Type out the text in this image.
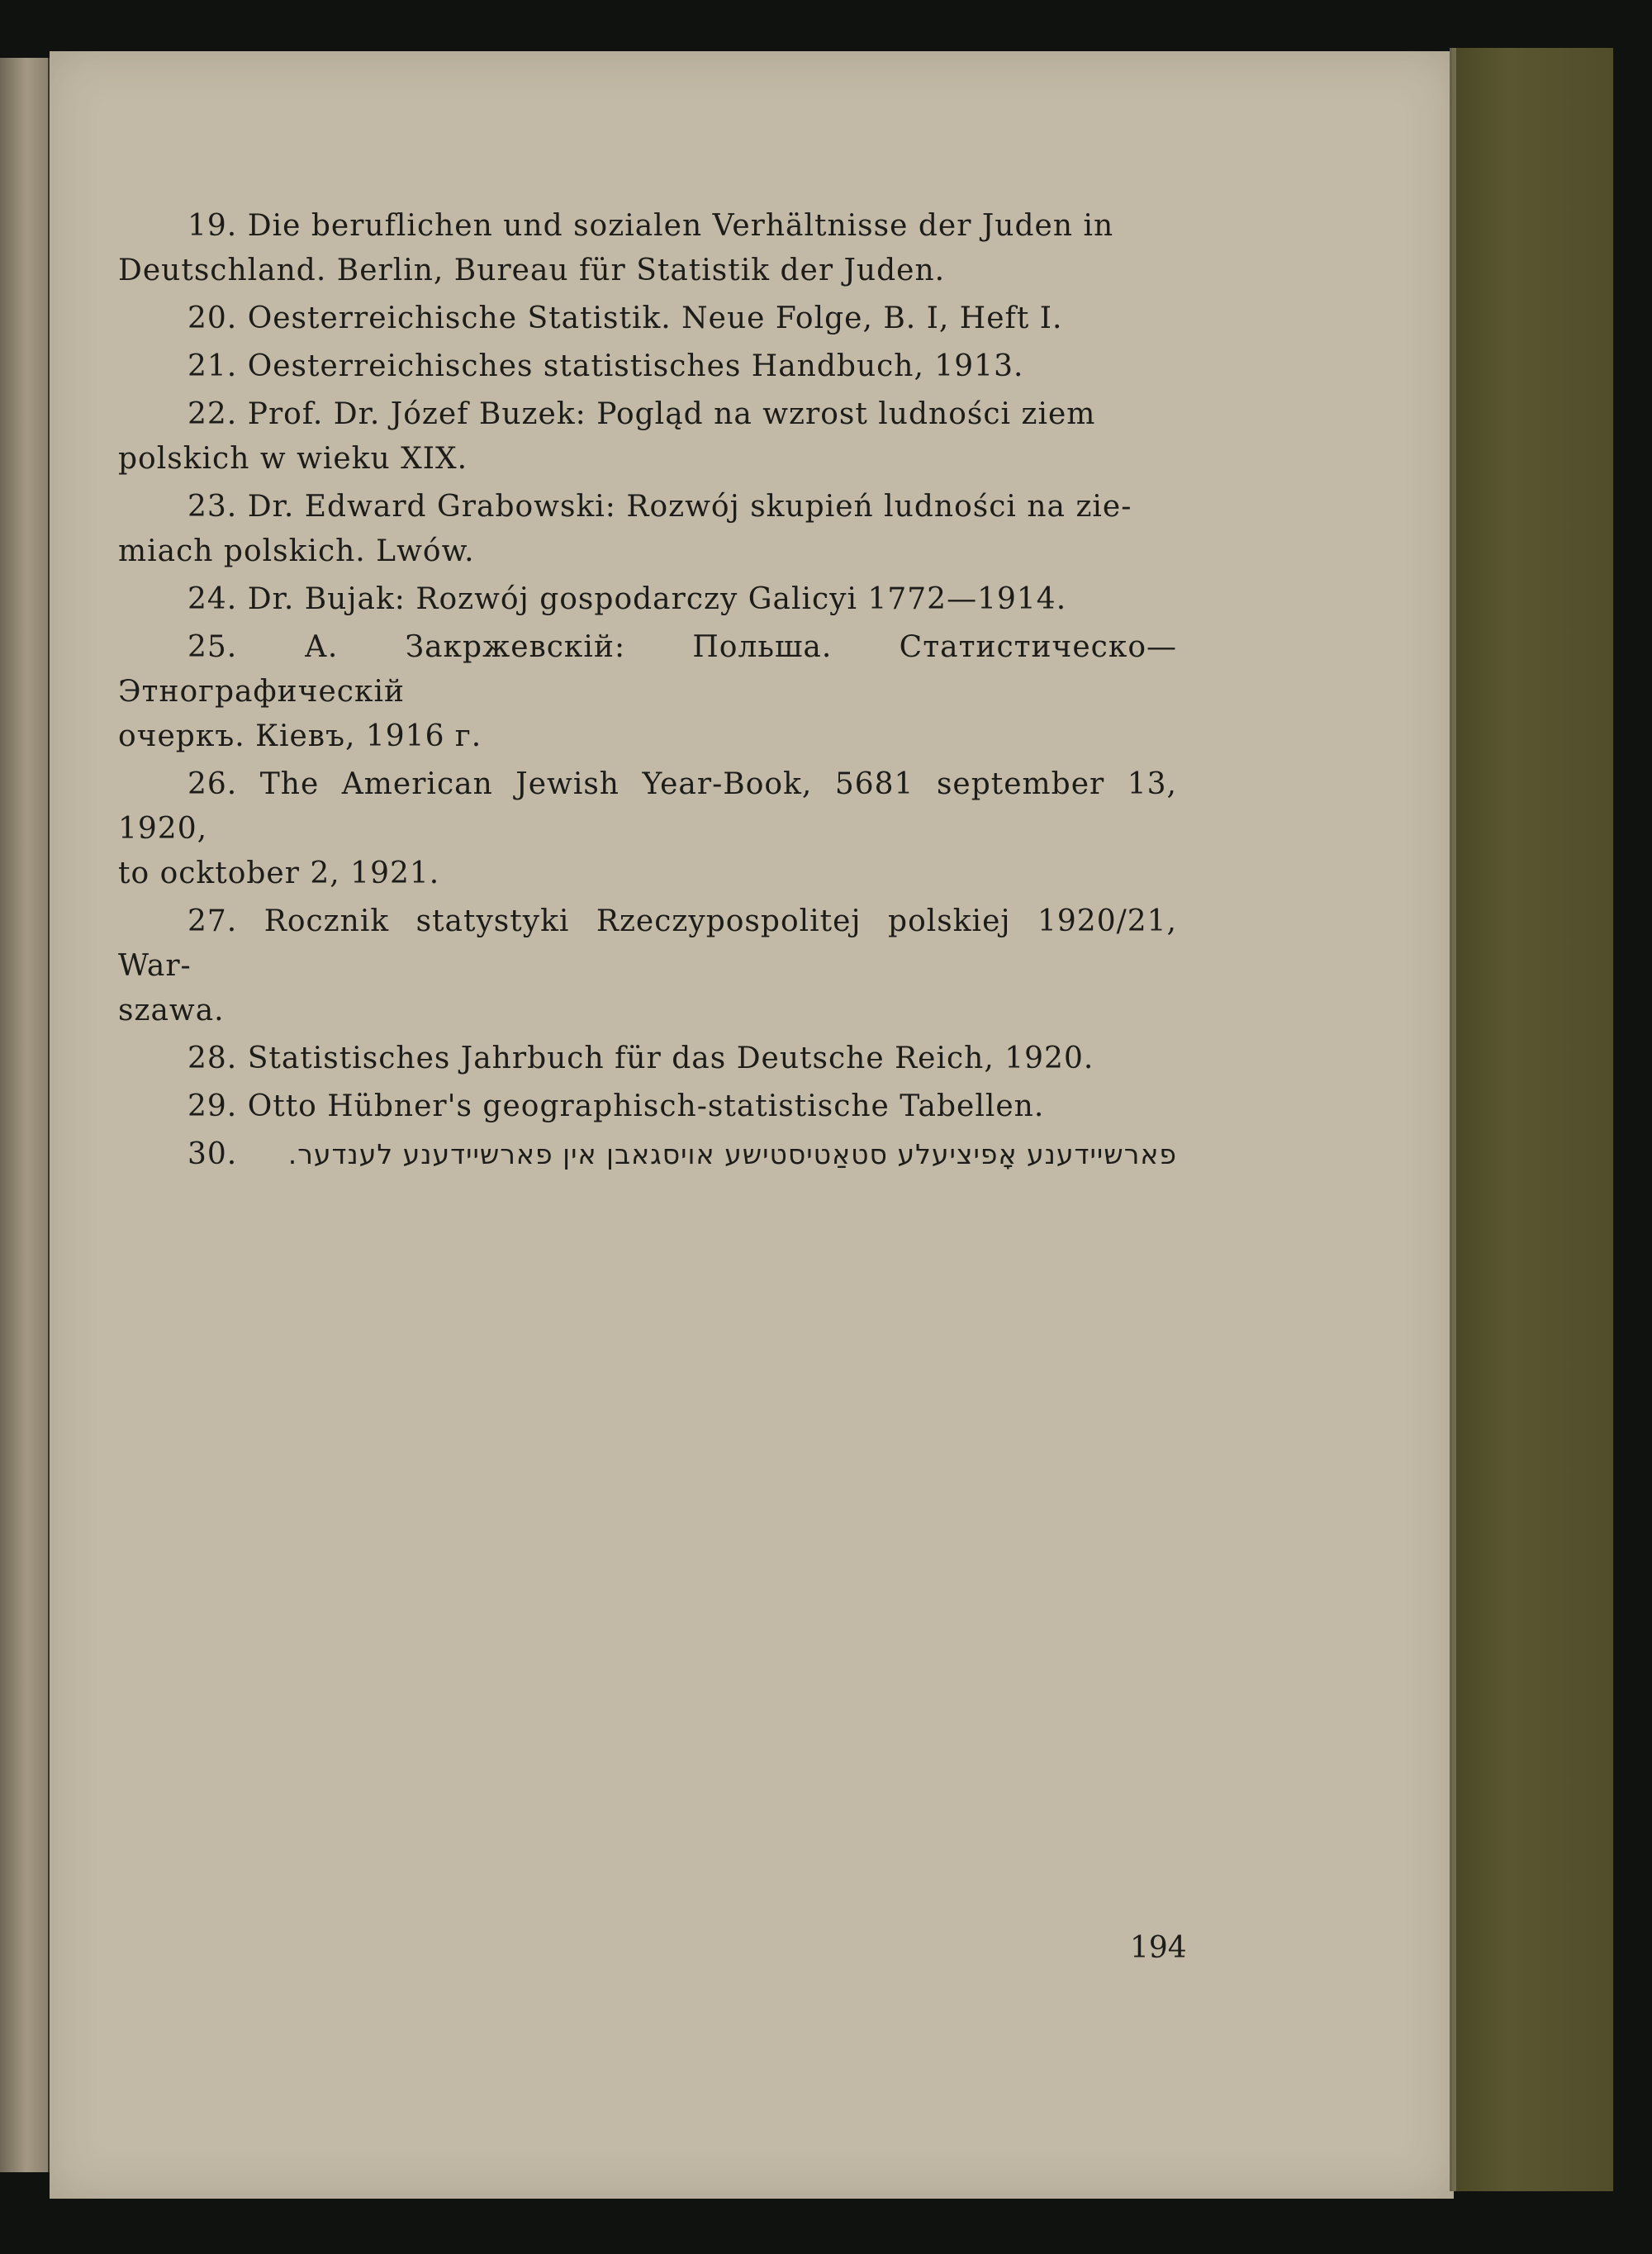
19. Die beruflichen und sozialen Verhältnisse der Juden in
Deutschland. Berlin, Bureau für Statistik der Juden.

20. Oesterreichische Statistik. Neue Folge, B. I, Heft I.

21. Oesterreichisches statistisches Handbuch, 1913.

22. Prof. Dr. Józef Buzek: Pogląd na wzrost ludności ziem
polskich w wieku XIX.

23. Dr. Edward Grabowski: Rozwój skupień ludności na zie-
miach polskich. Lwów.

24. Dr. Bujak: Rozwój gospodarczy Galicyi 1772—1914.

25. А. Закржевскій: Польша. Статистическо—Этнографическій
очеркъ. Кіевъ, 1916 г.

26. The American Jewish Year-Book, 5681 september 13, 1920,
to ocktober 2, 1921.

27. Rocznik statystyki Rzeczypospolitej polskiej 1920/21, War-
szawa.

28. Statistisches Jahrbuch für das Deutsche Reich, 1920.

29. Otto Hübner's geographisch-statistische Tabellen.

30. פארשיידענע אָפיציעלע סטאַטיסטישע אויסגאבן אין פארשיידענע לענדער.
194
